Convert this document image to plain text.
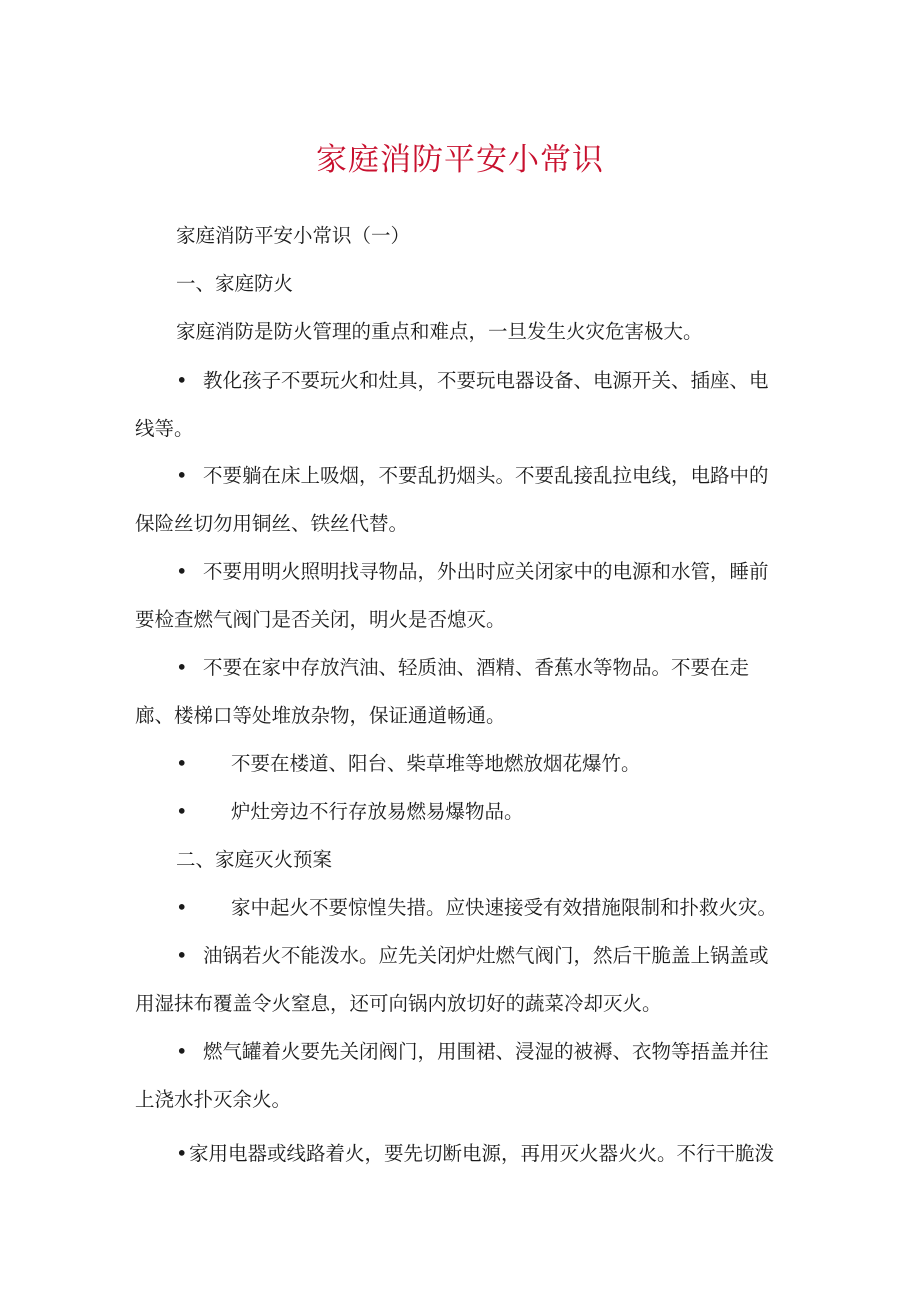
家庭消防平安小常识
家庭消防平安小常识（一）
一、家庭防火
家庭消防是防火管理的重点和难点，一旦发生火灾危害极大。
• 教化孩子不要玩火和灶具，不要玩电器设备、电源开关、插座、电
线等。
• 不要躺在床上吸烟，不要乱扔烟头。不要乱接乱拉电线，电路中的
保险丝切勿用铜丝、铁丝代替。
• 不要用明火照明找寻物品，外出时应关闭家中的电源和水管，睡前
要检查燃气阀门是否关闭，明火是否熄灭。
• 不要在家中存放汽油、轻质油、酒精、香蕉水等物品。不要在走
廊、楼梯口等处堆放杂物，保证通道畅通。
• 不要在楼道、阳台、柴草堆等地燃放烟花爆竹。
• 炉灶旁边不行存放易燃易爆物品。
二、家庭灭火预案
• 家中起火不要惊惶失措。应快速接受有效措施限制和扑救火灾。
• 油锅若火不能泼水。应先关闭炉灶燃气阀门，然后干脆盖上锅盖或
用湿抹布覆盖令火窒息，还可向锅内放切好的蔬菜冷却灭火。
• 燃气罐着火要先关闭阀门，用围裙、浸湿的被褥、衣物等捂盖并往
上浇水扑灭余火。
•家用电器或线路着火，要先切断电源，再用灭火器火火。不行干脆泼
